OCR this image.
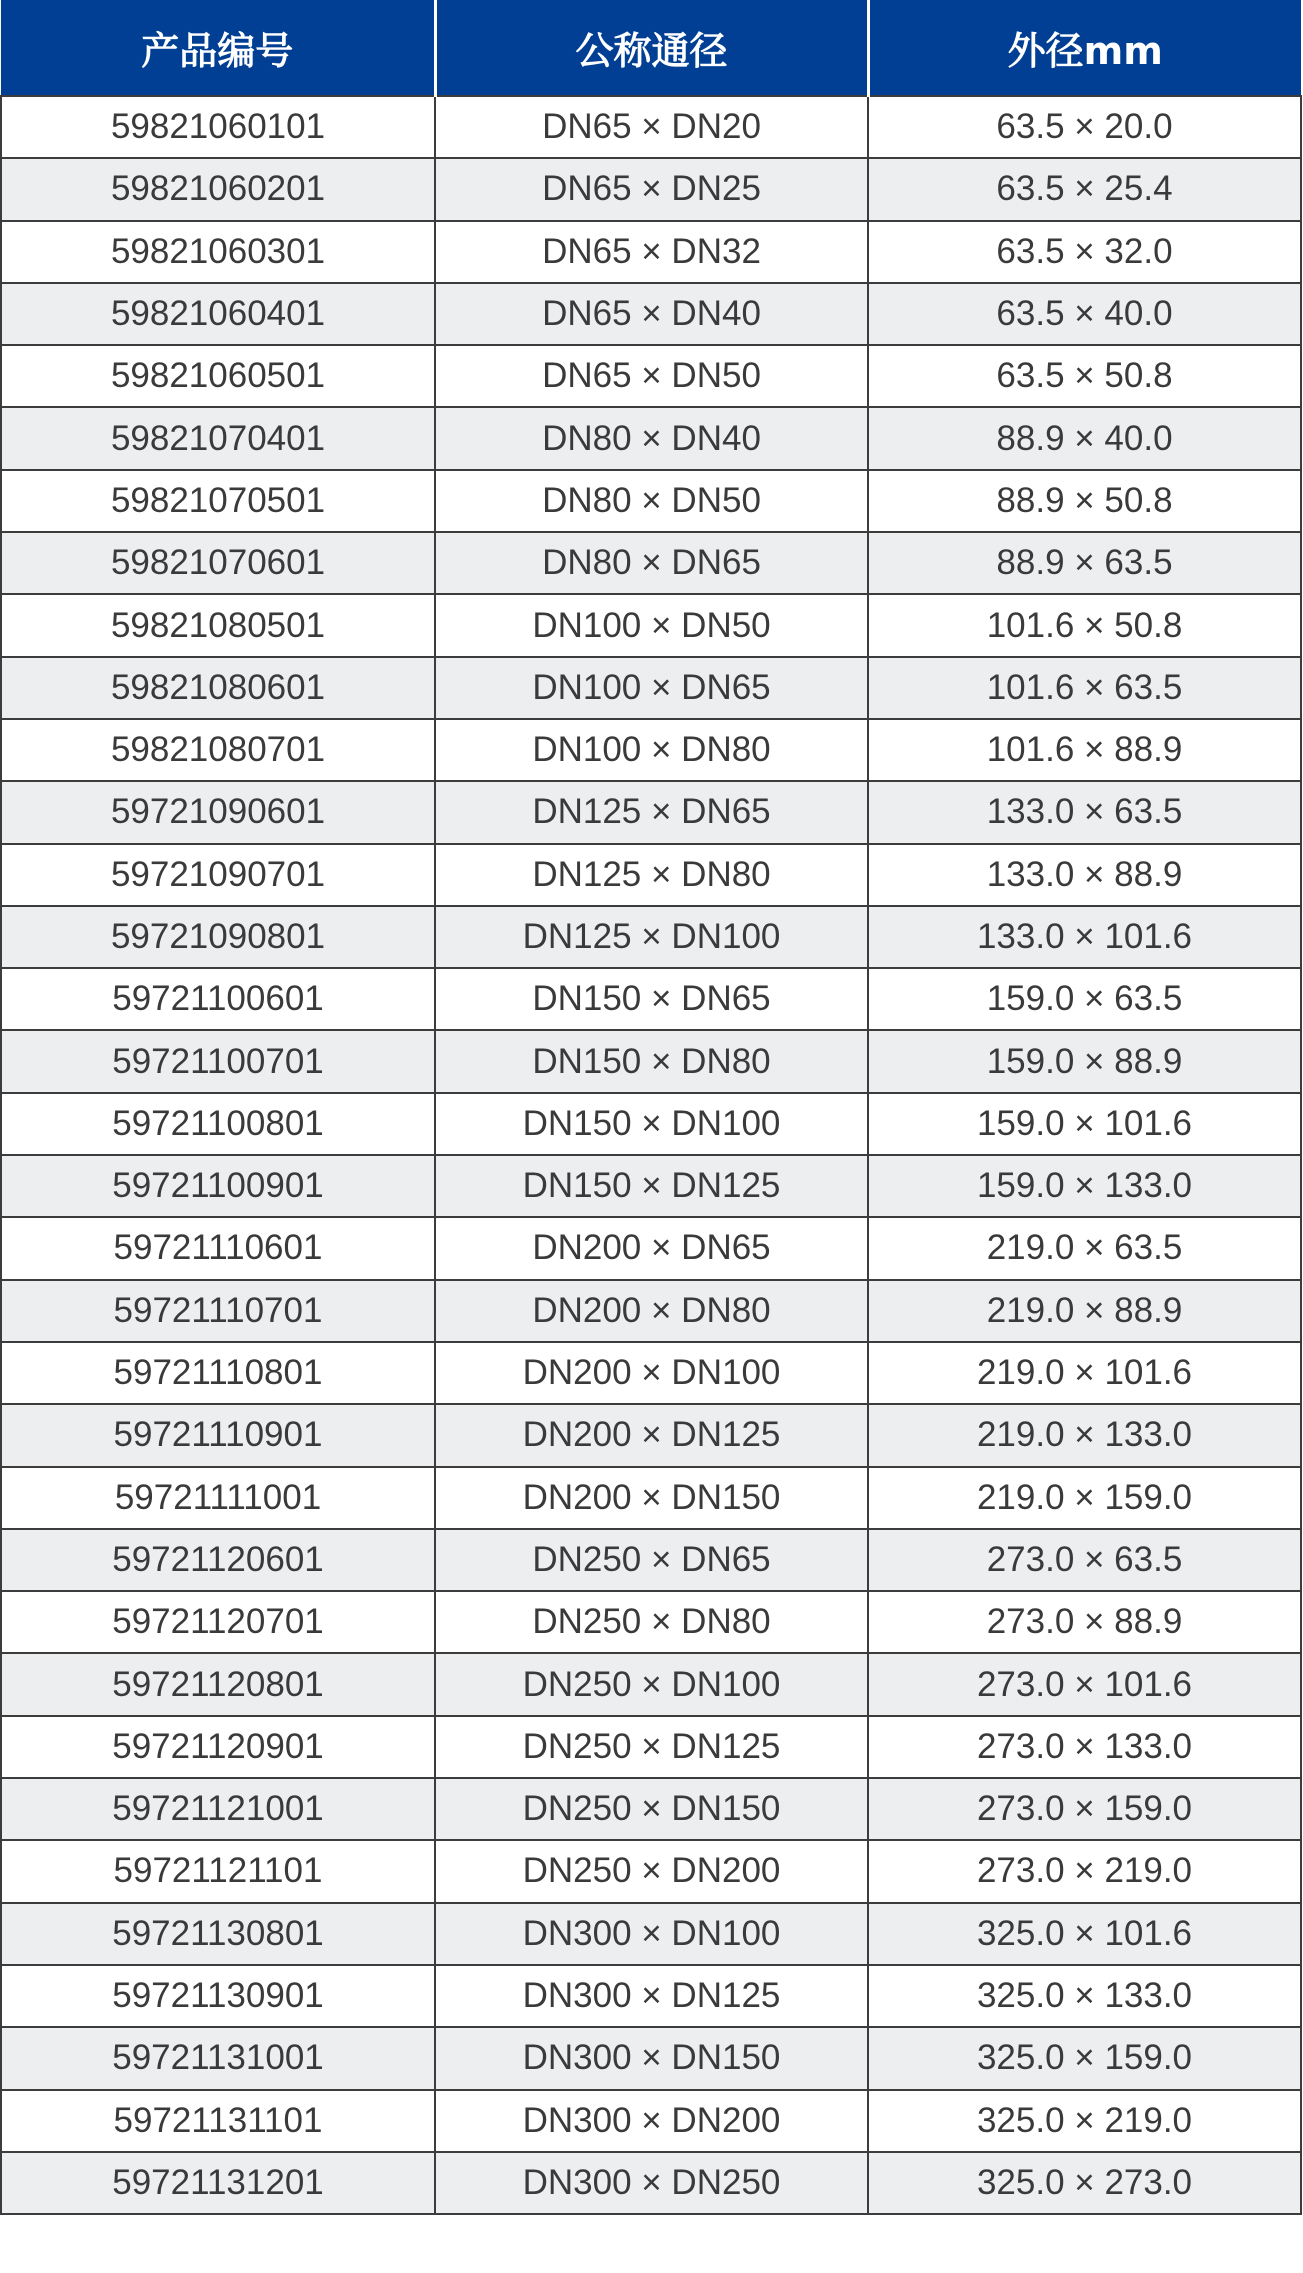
产品编号	公称通径	外径mm
59821060101	DN65 × DN20	63.5 × 20.0
59821060201	DN65 × DN25	63.5 × 25.4
59821060301	DN65 × DN32	63.5 × 32.0
59821060401	DN65 × DN40	63.5 × 40.0
59821060501	DN65 × DN50	63.5 × 50.8
59821070401	DN80 × DN40	88.9 × 40.0
59821070501	DN80 × DN50	88.9 × 50.8
59821070601	DN80 × DN65	88.9 × 63.5
59821080501	DN100 × DN50	101.6 × 50.8
59821080601	DN100 × DN65	101.6 × 63.5
59821080701	DN100 × DN80	101.6 × 88.9
59721090601	DN125 × DN65	133.0 × 63.5
59721090701	DN125 × DN80	133.0 × 88.9
59721090801	DN125 × DN100	133.0 × 101.6
59721100601	DN150 × DN65	159.0 × 63.5
59721100701	DN150 × DN80	159.0 × 88.9
59721100801	DN150 × DN100	159.0 × 101.6
59721100901	DN150 × DN125	159.0 × 133.0
59721110601	DN200 × DN65	219.0 × 63.5
59721110701	DN200 × DN80	219.0 × 88.9
59721110801	DN200 × DN100	219.0 × 101.6
59721110901	DN200 × DN125	219.0 × 133.0
59721111001	DN200 × DN150	219.0 × 159.0
59721120601	DN250 × DN65	273.0 × 63.5
59721120701	DN250 × DN80	273.0 × 88.9
59721120801	DN250 × DN100	273.0 × 101.6
59721120901	DN250 × DN125	273.0 × 133.0
59721121001	DN250 × DN150	273.0 × 159.0
59721121101	DN250 × DN200	273.0 × 219.0
59721130801	DN300 × DN100	325.0 × 101.6
59721130901	DN300 × DN125	325.0 × 133.0
59721131001	DN300 × DN150	325.0 × 159.0
59721131101	DN300 × DN200	325.0 × 219.0
59721131201	DN300 × DN250	325.0 × 273.0
